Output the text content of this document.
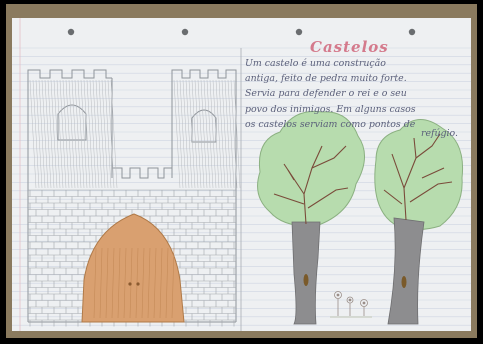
Castelos

Um castelo é uma construção
antiga, feito de pedra muito forte.
Servia para defender o rei e o seu
povo dos inimigos. Em alguns casos
os castelos serviam como pontos de
refúgio.
